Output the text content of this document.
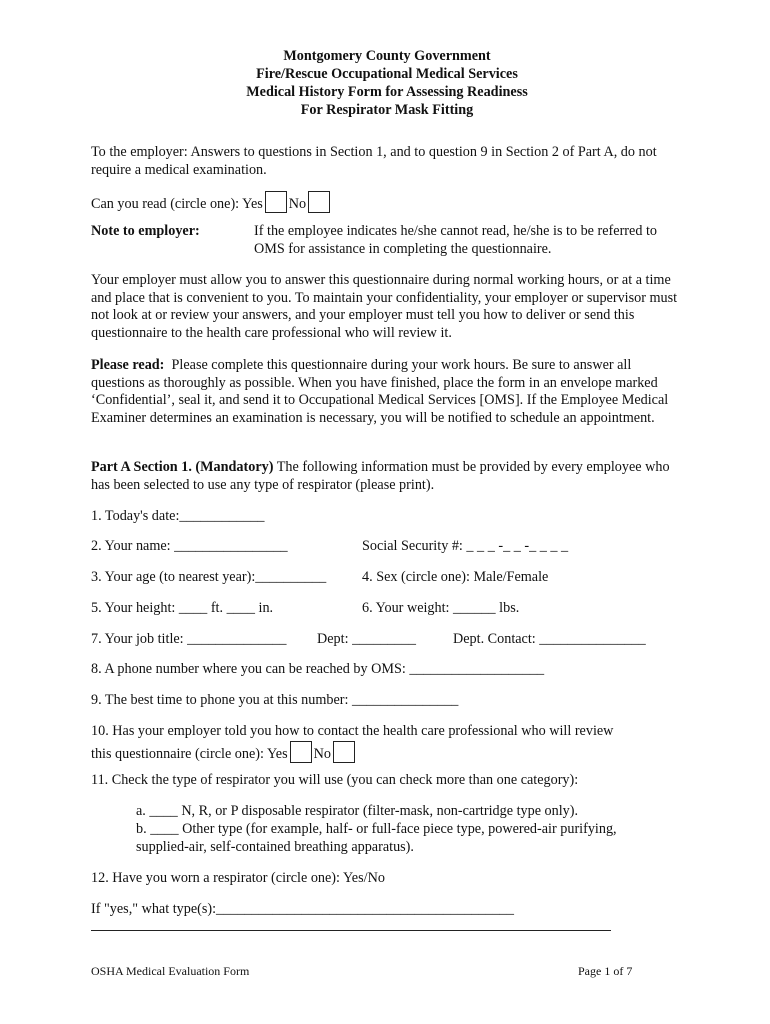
Montgomery County Government
Fire/Rescue Occupational Medical Services
Medical History Form for Assessing Readiness
For Respirator Mask Fitting
To the employer: Answers to questions in Section 1, and to question 9 in Section 2 of Part A, do not require a medical examination.
Can you read (circle one): Yes No
Note to employer:	If the employee indicates he/she cannot read, he/she is to be referred to OMS for assistance in completing the questionnaire.
Your employer must allow you to answer this questionnaire during normal working hours, or at a time and place that is convenient to you. To maintain your confidentiality, your employer or supervisor must not look at or review your answers, and your employer must tell you how to deliver or send this questionnaire to the health care professional who will review it.
Please read: Please complete this questionnaire during your work hours. Be sure to answer all questions as thoroughly as possible. When you have finished, place the form in an envelope marked ‘Confidential’, seal it, and send it to Occupational Medical Services [OMS]. If the Employee Medical Examiner determines an examination is necessary, you will be notified to schedule an appointment.
Part A Section 1. (Mandatory) The following information must be provided by every employee who has been selected to use any type of respirator (please print).
1. Today's date:____________
2. Your name: ________________	Social Security #: _ _ _ -_ _ -_ _ _ _
3. Your age (to nearest year):__________	4. Sex (circle one): Male/Female
5. Your height: ____ ft. ____ in.	6. Your weight: ______ lbs.
7. Your job title: ______________ Dept: _________	Dept. Contact: _______________
8. A phone number where you can be reached by OMS: ___________________
9. The best time to phone you at this number: _______________
10. Has your employer told you how to contact the health care professional who will review
this questionnaire (circle one): Yes No
11. Check the type of respirator you will use (you can check more than one category):
a. ____ N, R, or P disposable respirator (filter-mask, non-cartridge type only).
b. ____ Other type (for example, half- or full-face piece type, powered-air purifying,
supplied-air, self-contained breathing apparatus).
12. Have you worn a respirator (circle one): Yes/No
If "yes," what type(s):__________________________________________
OSHA Medical Evaluation Form	Page 1 of 7
